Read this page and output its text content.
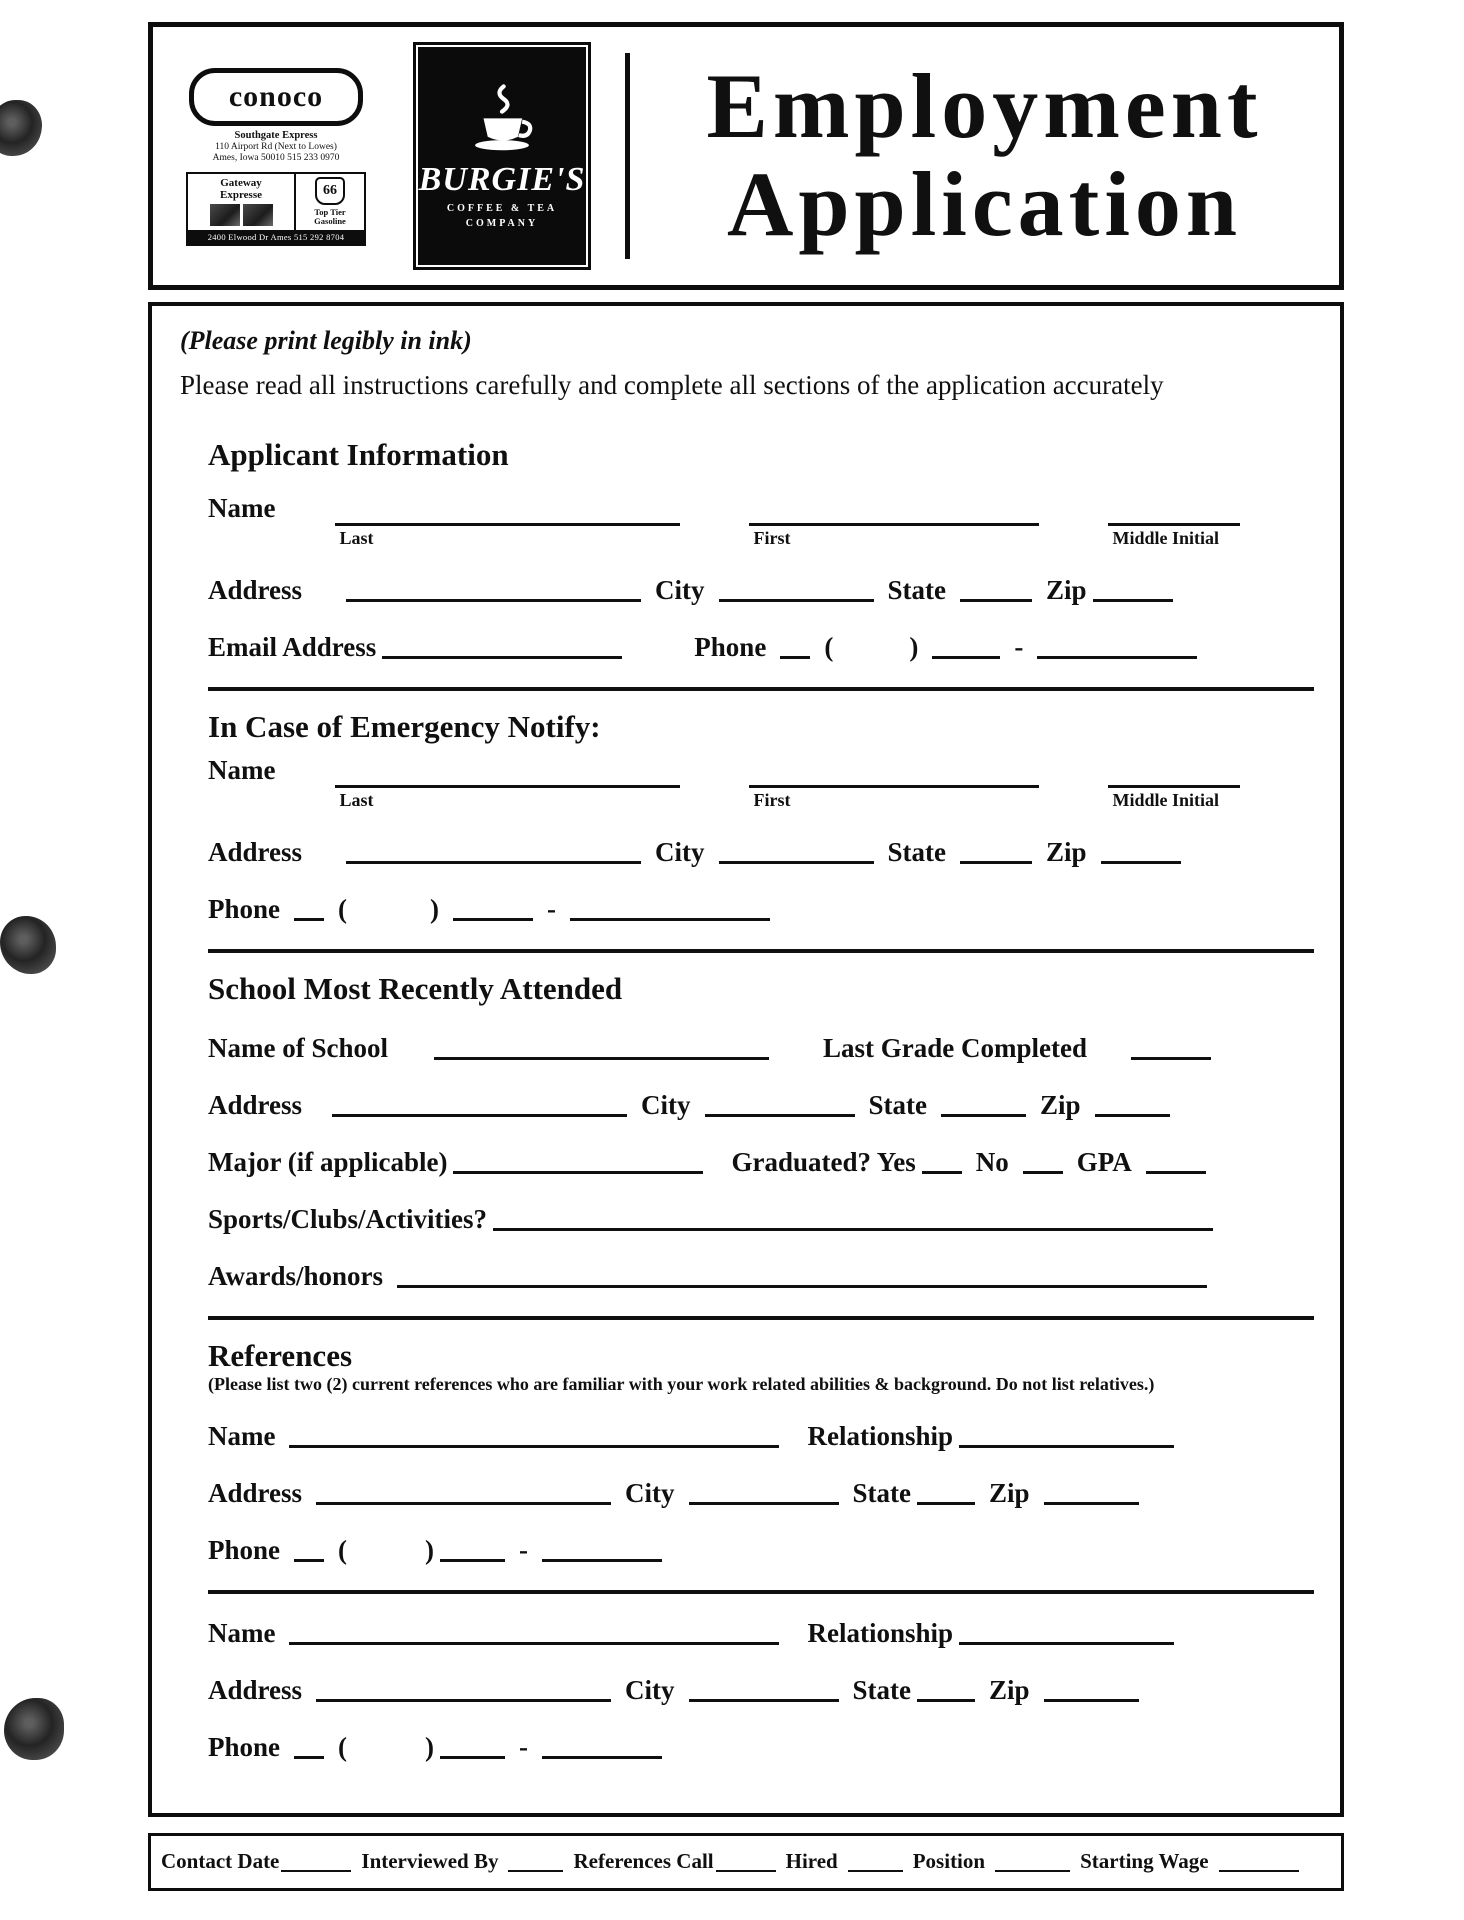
conoco
Southgate Express
110 Airport Rd (Next to Lowes)
Ames, Iowa 50010 515 233 0970
Gateway
Expresse	66
Top Tier
Gasoline
2400 Elwood Dr Ames 515 292 8704
BURGIE'S
COFFEE & TEA
COMPANY
Employment
Application
(Please print legibly in ink)
Please read all instructions carefully and complete all sections of the application accurately
Applicant Information
Name
Last	First	Middle Initial
Address	City	State	Zip
Email Address	Phone (	)	-
In Case of Emergency Notify:
Name
Last	First	Middle Initial
Address	City	State	Zip
Phone (	)	-
School Most Recently Attended
Name of School	Last Grade Completed
Address	City	State	Zip
Major (if applicable)	Graduated? Yes No	GPA
Sports/Clubs/Activities?
Awards/honors
References
(Please list two (2) current references who are familiar with your work related abilities & background. Do not list relatives.)
Name	Relationship
Address	City	State	Zip
Phone (	)	-
Name	Relationship
Address	City	State	Zip
Phone (	)	-
Contact Date	Interviewed By	References Call	Hired	Position	Starting Wage
